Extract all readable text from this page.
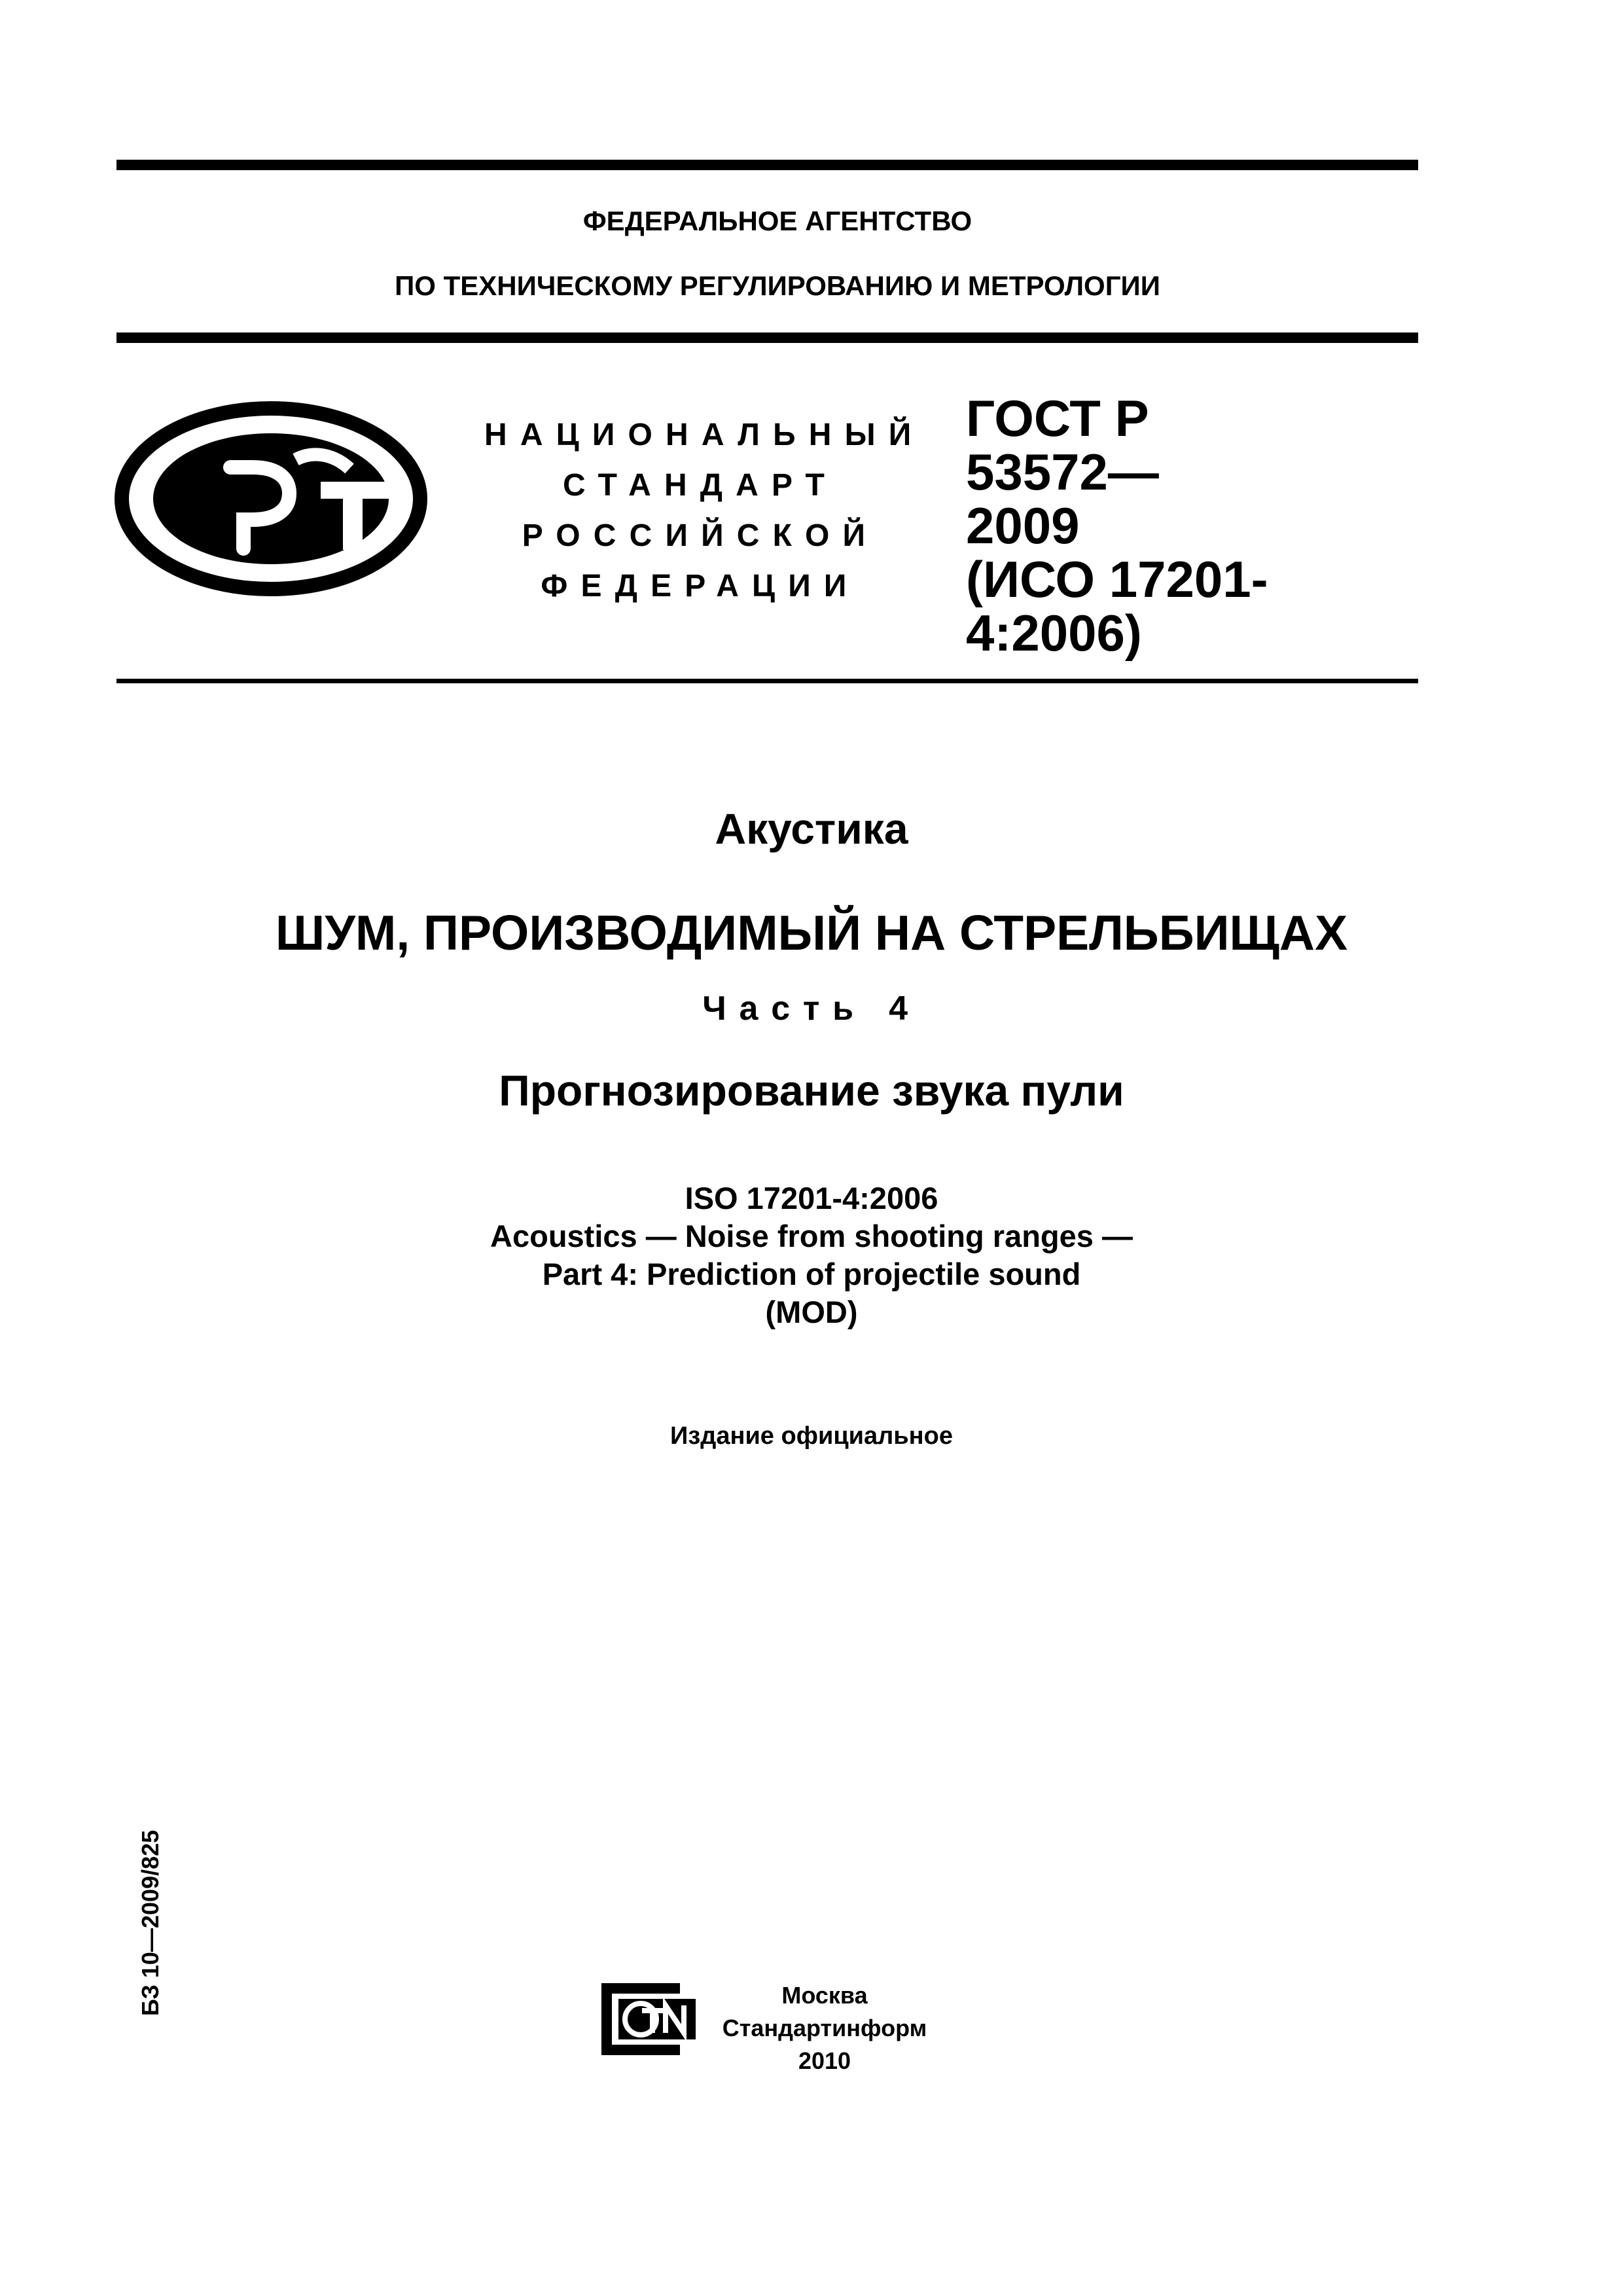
ФЕДЕРАЛЬНОЕ АГЕНТСТВО
ПО ТЕХНИЧЕСКОМУ РЕГУЛИРОВАНИЮ И МЕТРОЛОГИИ
НАЦИОНАЛЬНЫЙ
СТАНДАРТ
РОССИЙСКОЙ
ФЕДЕРАЦИИ
ГОСТ Р
53572—
2009
(ИСО 17201-4:2006)
Акустика
ШУМ, ПРОИЗВОДИМЫЙ НА СТРЕЛЬБИЩАХ
Часть 4
Прогнозирование звука пули
ISO 17201-4:2006
Acoustics — Noise from shooting ranges —
Part 4: Prediction of projectile sound
(MOD)
Издание официальное
БЗ 10—2009/825	Москва
Стандартинформ
2010
